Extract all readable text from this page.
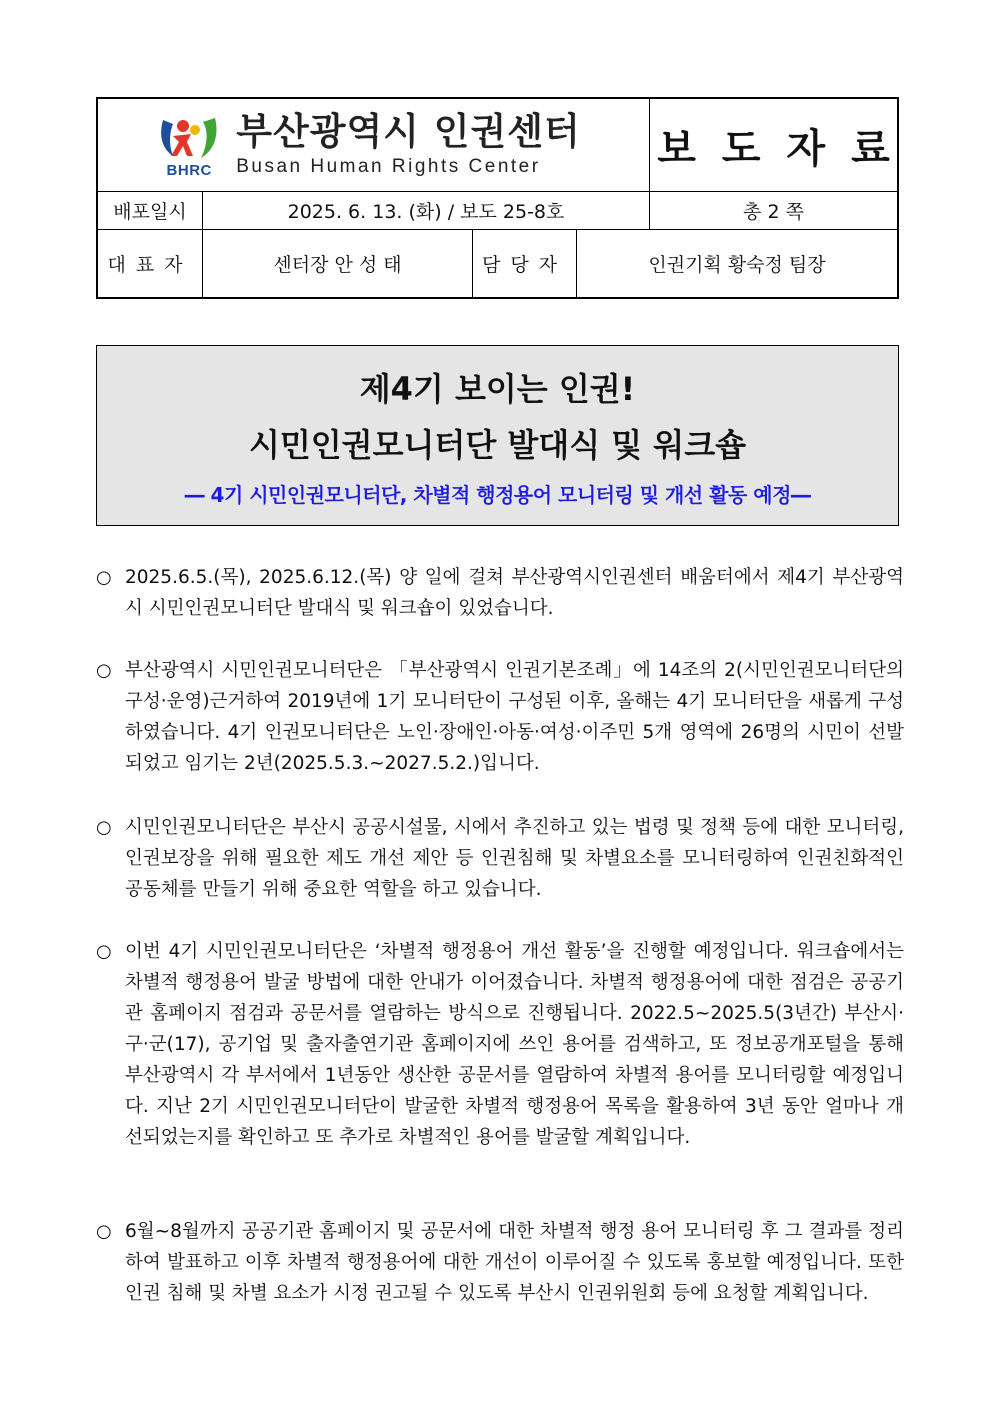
BHRC
부산광역시 인권센터
Busan Human Rights Center	보도자료
배포일시	2025. 6. 13. (화) / 보도 25-8호	총 2 쪽
대표자	센터장 안 성 태	담당자	인권기획 황숙정 팀장
제4기 보이는 인권!
시민인권모니터단 발대식 및 워크숍
― 4기 시민인권모니터단, 차별적 행정용어 모니터링 및 개선 활동 예정―
○ 2025.6.5.(목), 2025.6.12.(목) 양 일에 걸쳐 부산광역시인권센터 배움터에서 제4기 부산광역시 시민인권모니터단 발대식 및 워크숍이 있었습니다.
○ 부산광역시 시민인권모니터단은 「부산광역시 인권기본조례」에 14조의 2(시민인권모니터단의 구성·운영)근거하여 2019년에 1기 모니터단이 구성된 이후, 올해는 4기 모니터단을 새롭게 구성하였습니다. 4기 인권모니터단은 노인·장애인·아동·여성·이주민 5개 영역에 26명의 시민이 선발되었고 임기는 2년(2025.5.3.~2027.5.2.)입니다.
○ 시민인권모니터단은 부산시 공공시설물, 시에서 추진하고 있는 법령 및 정책 등에 대한 모니터링, 인권보장을 위해 필요한 제도 개선 제안 등 인권침해 및 차별요소를 모니터링하여 인권친화적인 공동체를 만들기 위해 중요한 역할을 하고 있습니다.
○ 이번 4기 시민인권모니터단은 ‘차별적 행정용어 개선 활동’을 진행할 예정입니다. 워크숍에서는 차별적 행정용어 발굴 방법에 대한 안내가 이어졌습니다. 차별적 행정용어에 대한 점검은 공공기관 홈페이지 점검과 공문서를 열람하는 방식으로 진행됩니다. 2022.5~2025.5(3년간) 부산시·구·군(17), 공기업 및 출자출연기관 홈페이지에 쓰인 용어를 검색하고, 또 정보공개포털을 통해 부산광역시 각 부서에서 1년동안 생산한 공문서를 열람하여 차별적 용어를 모니터링할 예정입니다. 지난 2기 시민인권모니터단이 발굴한 차별적 행정용어 목록을 활용하여 3년 동안 얼마나 개선되었는지를 확인하고 또 추가로 차별적인 용어를 발굴할 계획입니다.
○ 6월~8월까지 공공기관 홈페이지 및 공문서에 대한 차별적 행정 용어 모니터링 후 그 결과를 정리하여 발표하고 이후 차별적 행정용어에 대한 개선이 이루어질 수 있도록 홍보할 예정입니다. 또한 인권 침해 및 차별 요소가 시정 권고될 수 있도록 부산시 인권위원회 등에 요청할 계획입니다.
